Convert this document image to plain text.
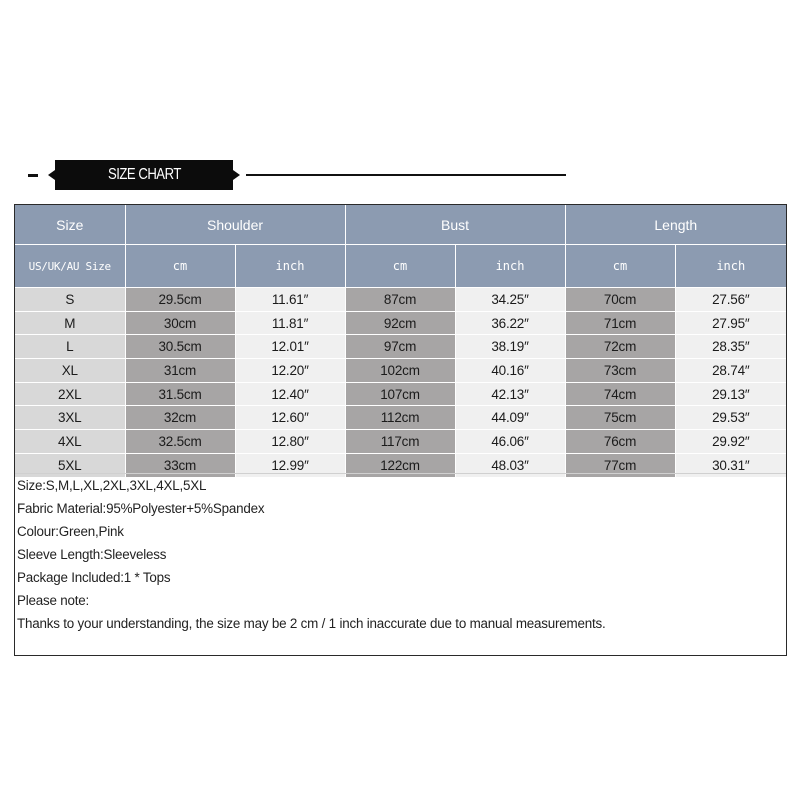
SIZE CHART
Size	Shoulder		Bust		Length	
US/UK/AU Size	cm	inch	cm	inch	cm	inch
S	29.5cm	11.61″	87cm	34.25″	70cm	27.56″
M	30cm	11.81″	92cm	36.22″	71cm	27.95″
L	30.5cm	12.01″	97cm	38.19″	72cm	28.35″
XL	31cm	12.20″	102cm	40.16″	73cm	28.74″
2XL	31.5cm	12.40″	107cm	42.13″	74cm	29.13″
3XL	32cm	12.60″	112cm	44.09″	75cm	29.53″
4XL	32.5cm	12.80″	117cm	46.06″	76cm	29.92″
5XL	33cm	12.99″	122cm	48.03″	77cm	30.31″
Size:S,M,L,XL,2XL,3XL,4XL,5XL
Fabric Material:95%Polyester+5%Spandex
Colour:Green,Pink
Sleeve Length:Sleeveless
Package Included:1 * Tops
Please note:
Thanks to your understanding, the size may be 2 cm / 1 inch inaccurate due to manual measurements.
